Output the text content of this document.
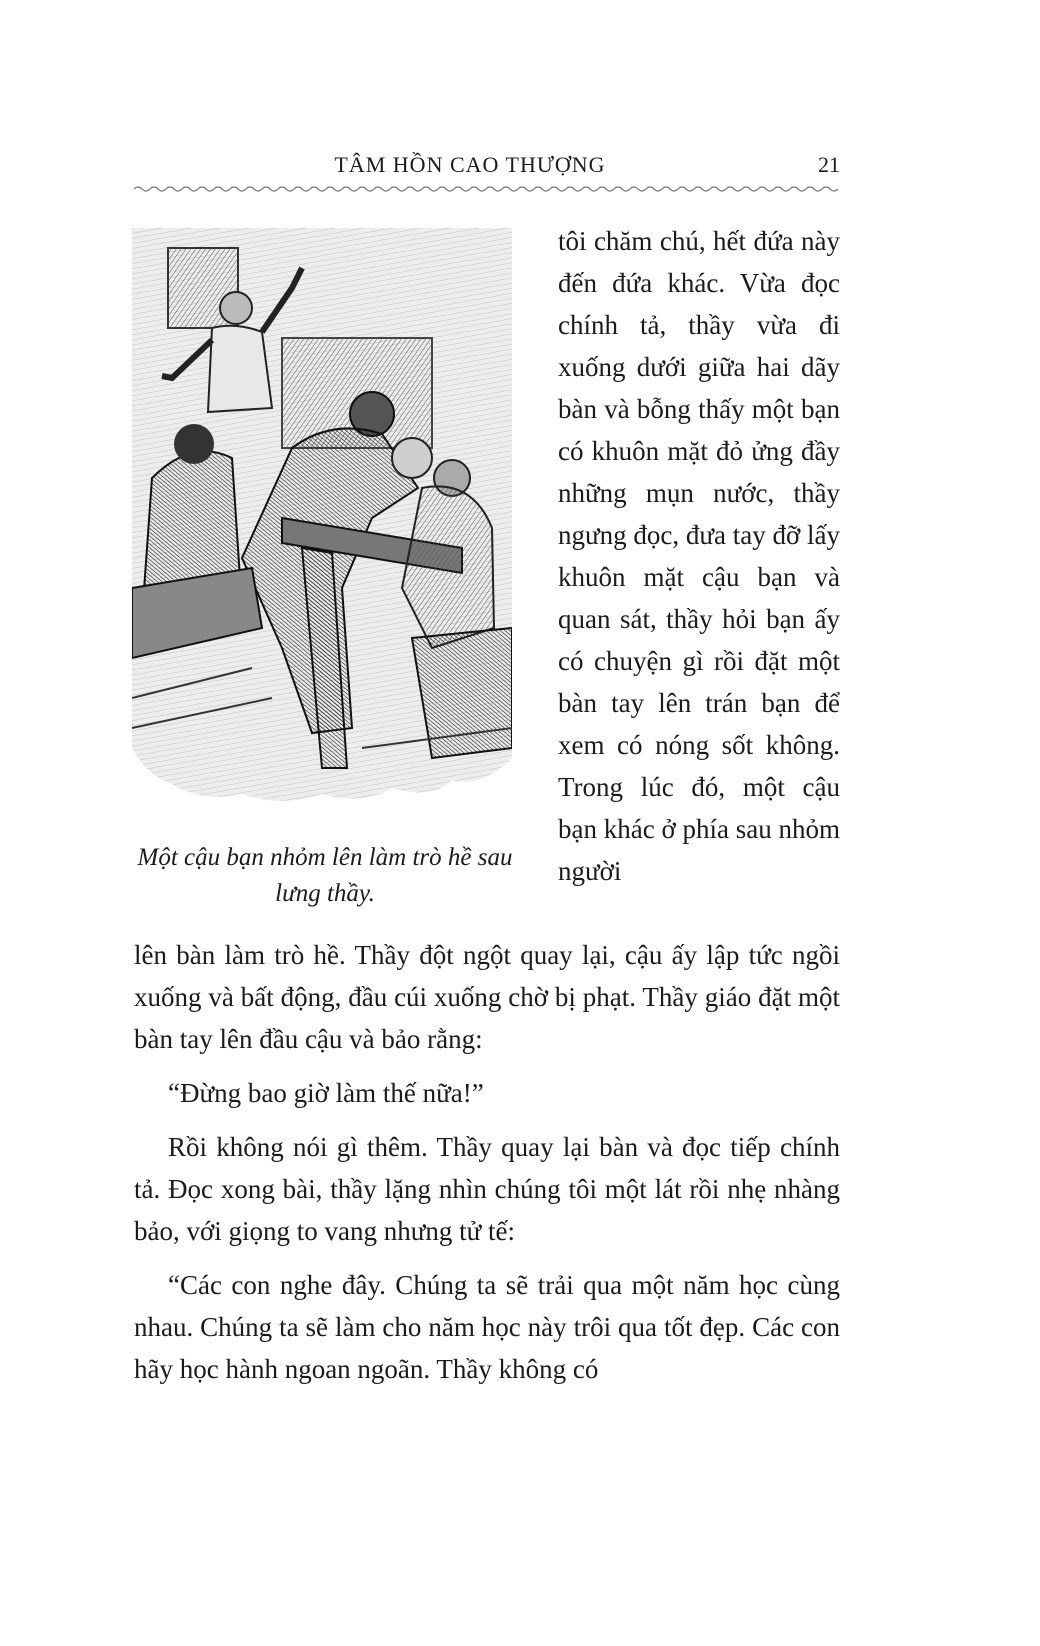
TÂM HỒN CAO THƯỢNG	21
Một cậu bạn nhỏm lên làm trò hề sau lưng thầy.
tôi chăm chú, hết đứa này đến đứa khác. Vừa đọc chính tả, thầy vừa đi xuống dưới giữa hai dãy bàn và bỗng thấy một bạn có khuôn mặt đỏ ửng đầy những mụn nước, thầy ngưng đọc, đưa tay đỡ lấy khuôn mặt cậu bạn và quan sát, thầy hỏi bạn ấy có chuyện gì rồi đặt một bàn tay lên trán bạn để xem có nóng sốt không. Trong lúc đó, một cậu bạn khác ở phía sau nhỏm người

lên bàn làm trò hề. Thầy đột ngột quay lại, cậu ấy lập tức ngồi xuống và bất động, đầu cúi xuống chờ bị phạt. Thầy giáo đặt một bàn tay lên đầu cậu và bảo rằng:

“Đừng bao giờ làm thế nữa!”

Rồi không nói gì thêm. Thầy quay lại bàn và đọc tiếp chính tả. Đọc xong bài, thầy lặng nhìn chúng tôi một lát rồi nhẹ nhàng bảo, với giọng to vang nhưng tử tế:

“Các con nghe đây. Chúng ta sẽ trải qua một năm học cùng nhau. Chúng ta sẽ làm cho năm học này trôi qua tốt đẹp. Các con hãy học hành ngoan ngoãn. Thầy không có
